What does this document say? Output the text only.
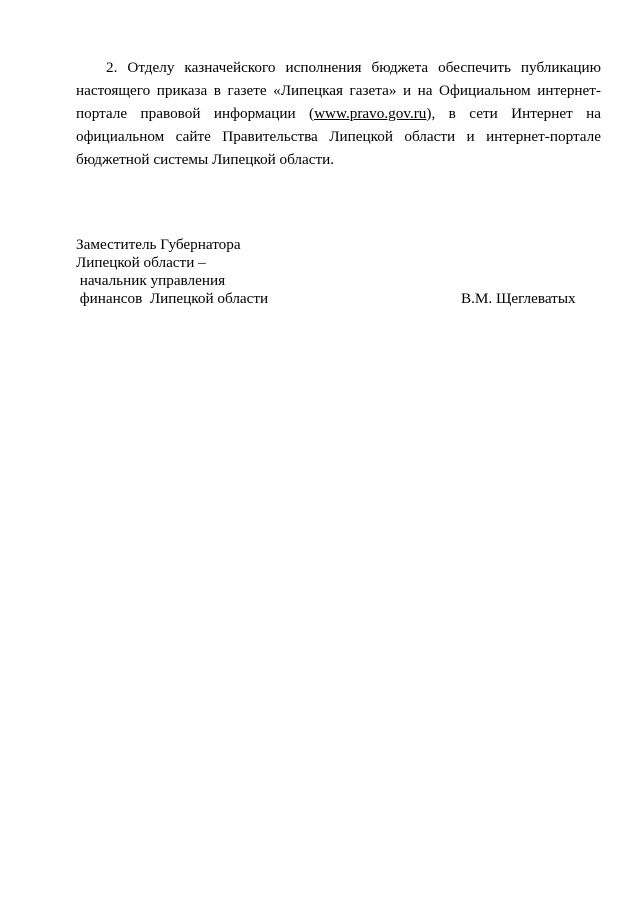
2. Отделу казначейского исполнения бюджета обеспечить публикацию настоящего приказа в газете «Липецкая газета» и на Официальном интернет-портале правовой информации (www.pravo.gov.ru), в сети Интернет на официальном сайте Правительства Липецкой области и интернет-портале бюджетной системы Липецкой области.

Заместитель Губернатора
Липецкой области –
начальник управления
финансов  Липецкой области	В.М. Щеглеватых
